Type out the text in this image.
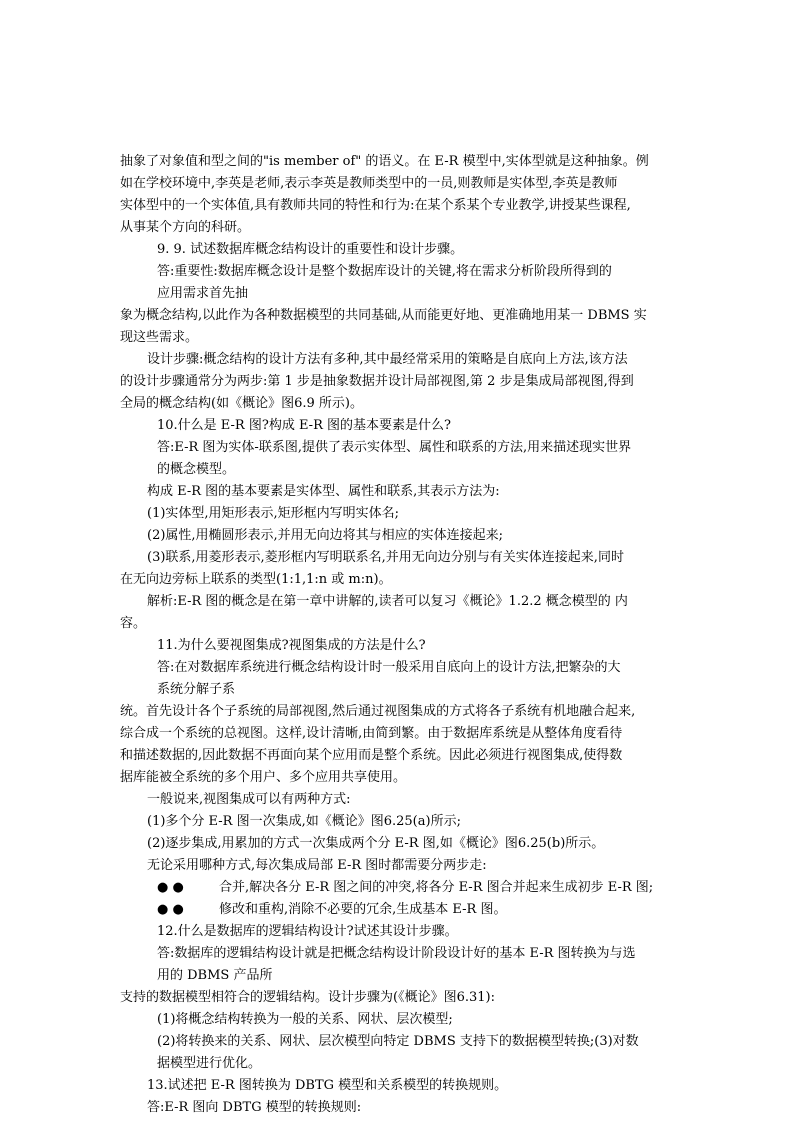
抽象了对象值和型之间的"is member of" 的语义。在 E-R 模型中,实体型就是这种抽象。例
如在学校环境中,李英是老师,表示李英是教师类型中的一员,则教师是实体型,李英是教师
实体型中的一个实体值,具有教师共同的特性和行为:在某个系某个专业教学,讲授某些课程,
从事某个方向的科研。
9. 9. 试述数据库概念结构设计的重要性和设计步骤。
答:重要性:数据库概念设计是整个数据库设计的关键,将在需求分析阶段所得到的
应用需求首先抽
象为概念结构,以此作为各种数据模型的共同基础,从而能更好地、更准确地用某一 DBMS 实
现这些需求。
设计步骤:概念结构的设计方法有多种,其中最经常采用的策略是自底向上方法,该方法
的设计步骤通常分为两步:第 1 步是抽象数据并设计局部视图,第 2 步是集成局部视图,得到
全局的概念结构(如《概论》图6.9 所示)。
10.什么是 E-R 图?构成 E-R 图的基本要素是什么?
答:E-R 图为实体-联系图,提供了表示实体型、属性和联系的方法,用来描述现实世界
的概念模型。
构成 E-R 图的基本要素是实体型、属性和联系,其表示方法为:
(1)实体型,用矩形表示,矩形框内写明实体名;
(2)属性,用椭圆形表示,并用无向边将其与相应的实体连接起来;
(3)联系,用菱形表示,菱形框内写明联系名,并用无向边分别与有关实体连接起来,同时
在无向边旁标上联系的类型(1:1,1:n 或 m:n)。
解析:E-R 图的概念是在第一章中讲解的,读者可以复习《概论》1.2.2 概念模型的 内
容。
11.为什么要视图集成?视图集成的方法是什么?
答:在对数据库系统进行概念结构设计时一般采用自底向上的设计方法,把繁杂的大
系统分解子系
统。首先设计各个子系统的局部视图,然后通过视图集成的方式将各子系统有机地融合起来,
综合成一个系统的总视图。这样,设计清晰,由简到繁。由于数据库系统是从整体角度看待
和描述数据的,因此数据不再面向某个应用而是整个系统。因此必须进行视图集成,使得数
据库能被全系统的多个用户、多个应用共享使用。
一般说来,视图集成可以有两种方式:
(1)多个分 E-R 图一次集成,如《概论》图6.25(a)所示;
(2)逐步集成,用累加的方式一次集成两个分 E-R 图,如《概论》图6.25(b)所示。
无论采用哪种方式,每次集成局部 E-R 图时都需要分两步走:
● ●	合并,解决各分 E-R 图之间的冲突,将各分 E-R 图合并起来生成初步 E-R 图;
● ●	修改和重构,消除不必要的冗余,生成基本 E-R 图。
12.什么是数据库的逻辑结构设计?试述其设计步骤。
答:数据库的逻辑结构设计就是把概念结构设计阶段设计好的基本 E-R 图转换为与选
用的 DBMS 产品所
支持的数据模型相符合的逻辑结构。设计步骤为(《概论》图6.31):
(1)将概念结构转换为一般的关系、网状、层次模型;
(2)将转换来的关系、网状、层次模型向特定 DBMS 支持下的数据模型转换;(3)对数
据模型进行优化。
13.试述把 E-R 图转换为 DBTG 模型和关系模型的转换规则。
答:E-R 图向 DBTG 模型的转换规则:
